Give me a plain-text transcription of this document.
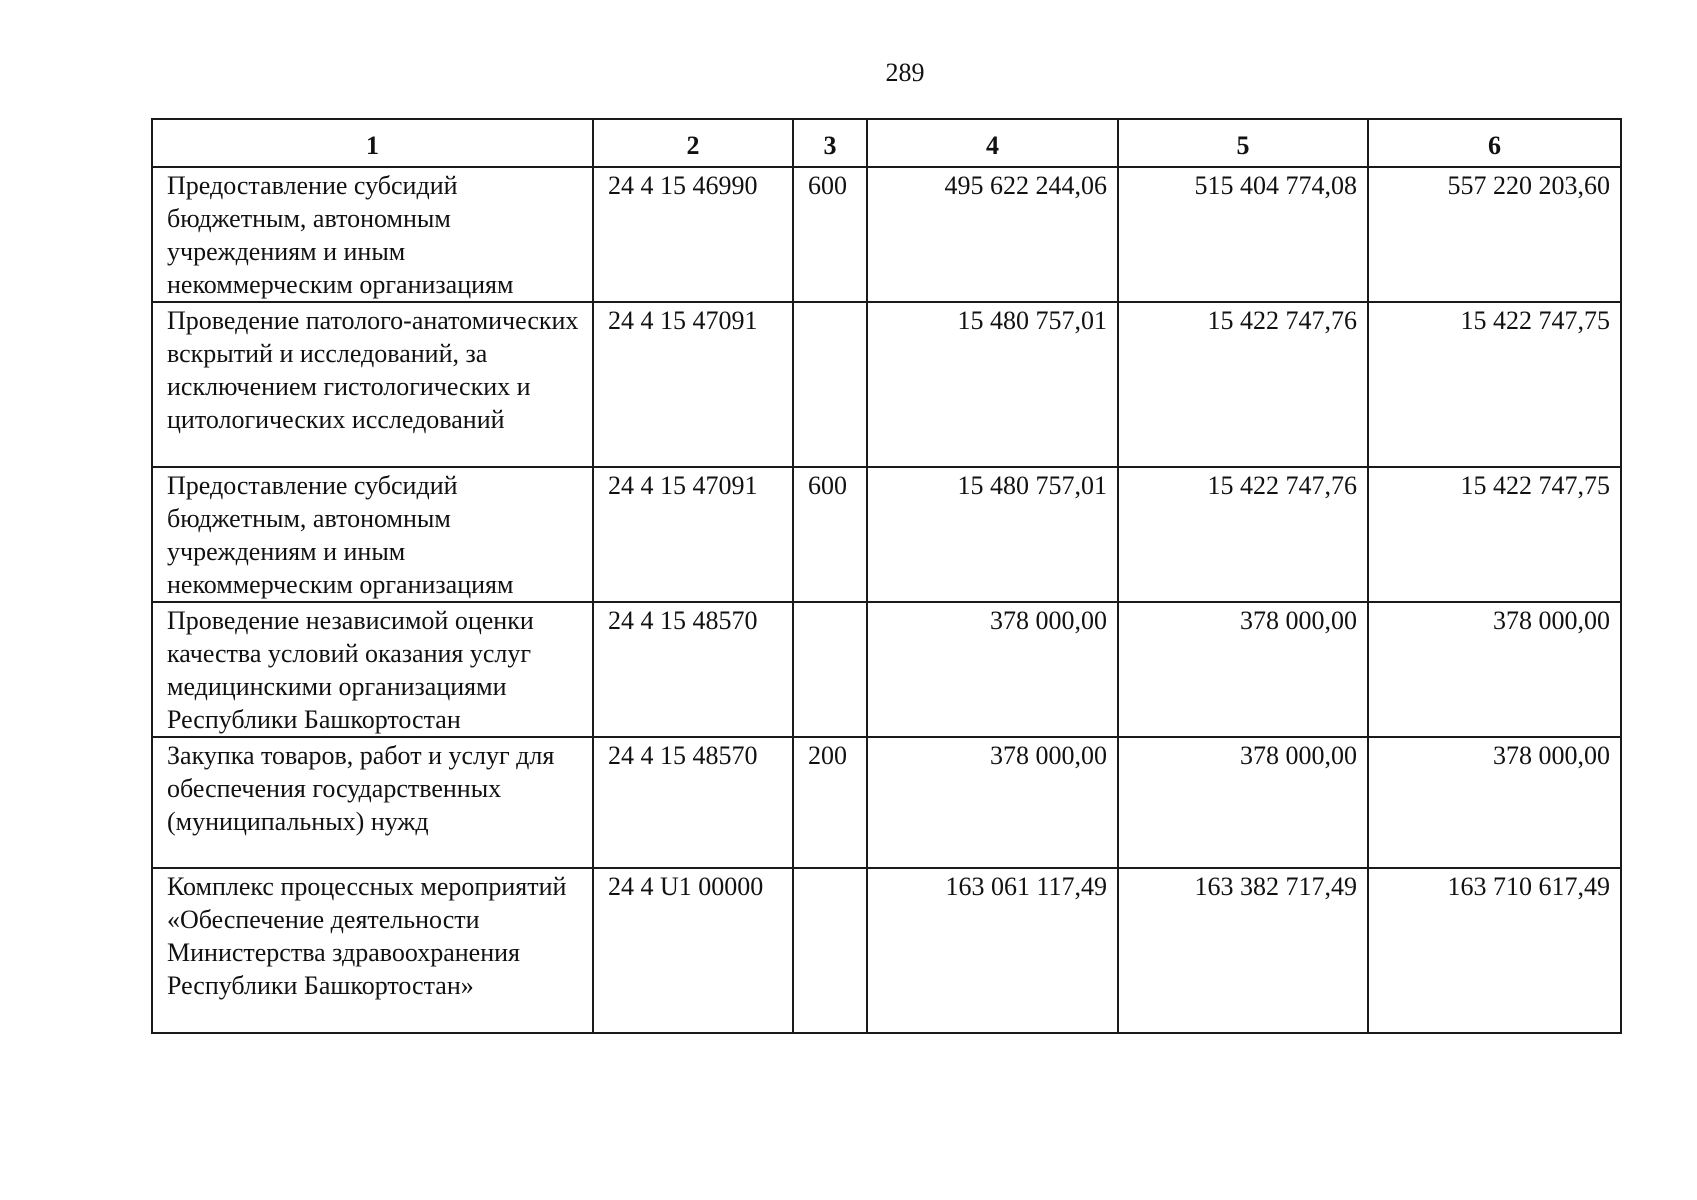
289
1	2	3	4	5	6
Предоставление субсидий бюджетным, автономным учреждениям и иным некоммерческим организациям	24 4 15 46990	600	495 622 244,06	515 404 774,08	557 220 203,60
Проведение патолого-анатомических вскрытий и исследований, за исключением гистологических и цитологических исследований	24 4 15 47091		15 480 757,01	15 422 747,76	15 422 747,75
Предоставление субсидий бюджетным, автономным учреждениям и иным некоммерческим организациям	24 4 15 47091	600	15 480 757,01	15 422 747,76	15 422 747,75
Проведение независимой оценки качества условий оказания услуг медицинскими организациями Республики Башкортостан	24 4 15 48570		378 000,00	378 000,00	378 000,00
Закупка товаров, работ и услуг для обеспечения государственных (муниципальных) нужд	24 4 15 48570	200	378 000,00	378 000,00	378 000,00
Комплекс процессных мероприятий «Обеспечение деятельности Министерства здравоохранения Республики Башкортостан»	24 4 U1 00000		163 061 117,49	163 382 717,49	163 710 617,49
